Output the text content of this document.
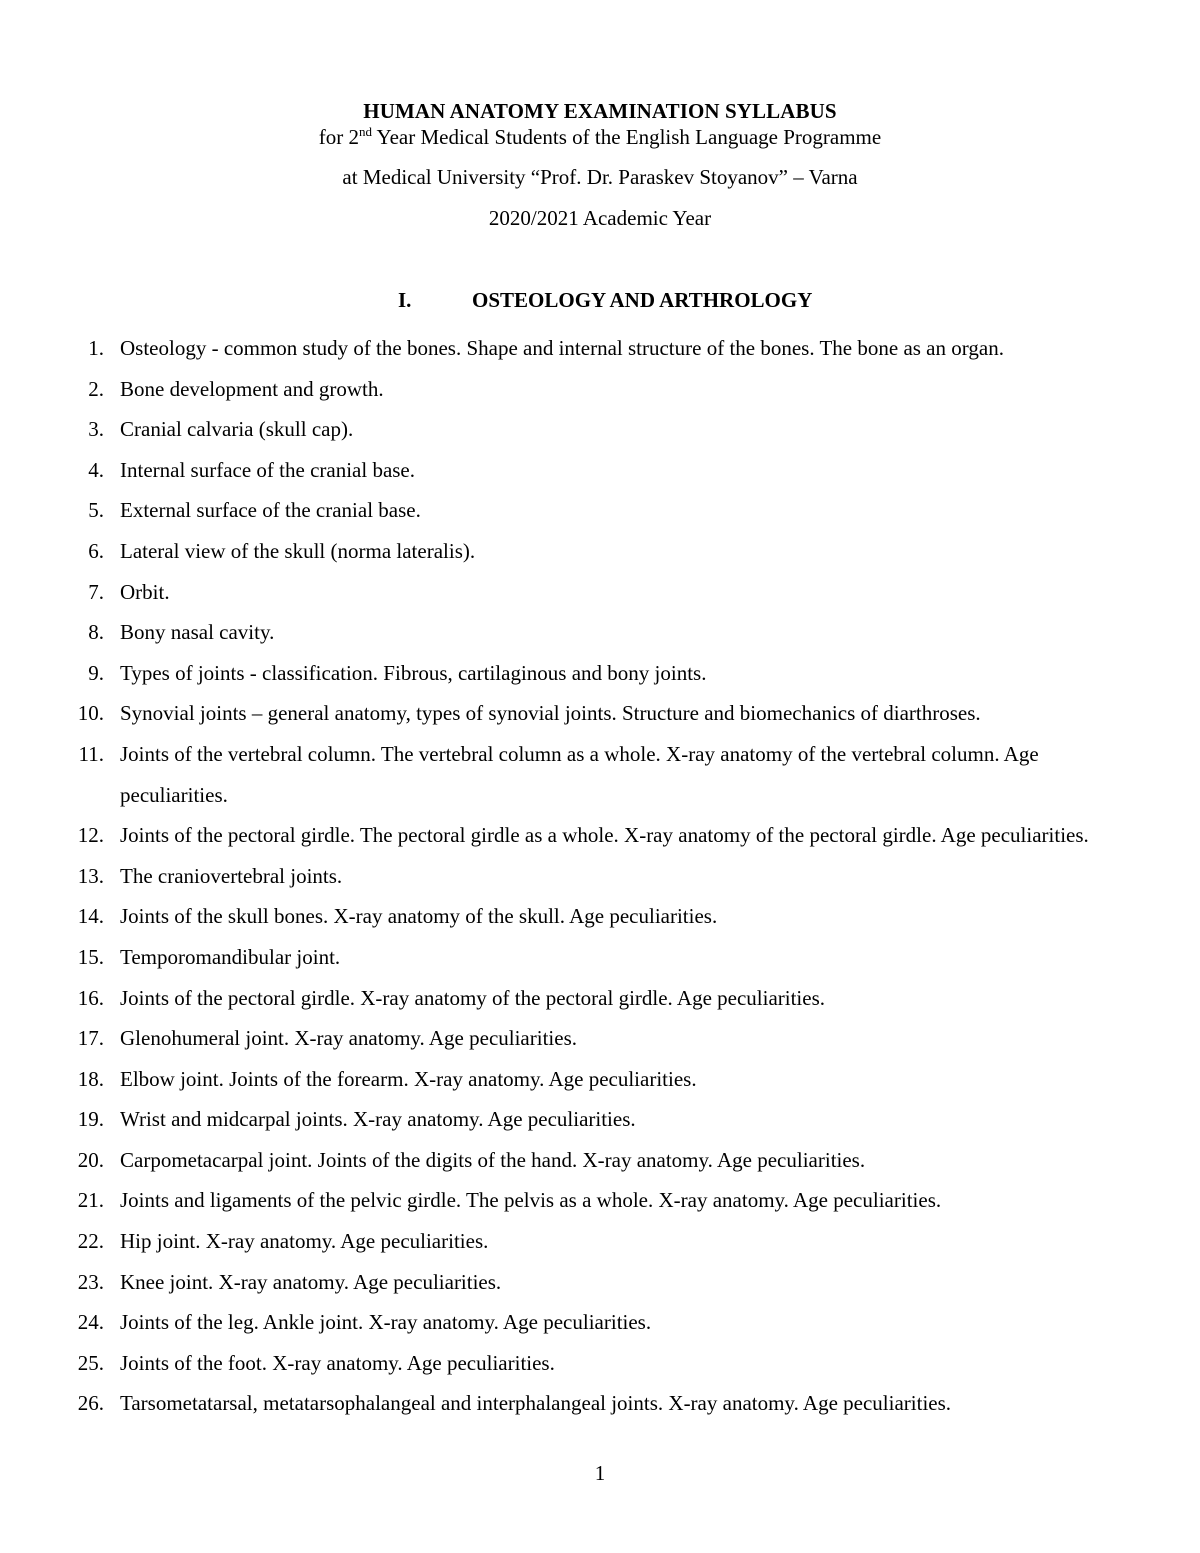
HUMAN ANATOMY EXAMINATION SYLLABUS

for 2nd Year Medical Students of the English Language Programme

at Medical University “Prof. Dr. Paraskev Stoyanov” – Varna

2020/2021 Academic Year

I.	OSTEOLOGY AND ARTHROLOGY
1. Osteology - common study of the bones. Shape and internal structure of the bones. The bone as an organ.
2. Bone development and growth.
3. Cranial calvaria (skull cap).
4. Internal surface of the cranial base.
5. External surface of the cranial base.
6. Lateral view of the skull (norma lateralis).
7. Orbit.
8. Bony nasal cavity.
9. Types of joints - classification. Fibrous, cartilaginous and bony joints.
10. Synovial joints – general anatomy, types of synovial joints. Structure and biomechanics of diarthroses.
11. Joints of the vertebral column. The vertebral column as a whole. X-ray anatomy of the vertebral column. Age peculiarities.
12. Joints of the pectoral girdle. The pectoral girdle as a whole. X-ray anatomy of the pectoral girdle. Age peculiarities.
13. The craniovertebral joints.
14. Joints of the skull bones. X-ray anatomy of the skull. Age peculiarities.
15. Temporomandibular joint.
16. Joints of the pectoral girdle. X-ray anatomy of the pectoral girdle. Age peculiarities.
17. Glenohumeral joint. X-ray anatomy. Age peculiarities.
18. Elbow joint. Joints of the forearm. X-ray anatomy. Age peculiarities.
19. Wrist and midcarpal joints. X-ray anatomy. Age peculiarities.
20. Carpometacarpal joint. Joints of the digits of the hand. X-ray anatomy. Age peculiarities.
21. Joints and ligaments of the pelvic girdle. The pelvis as a whole. X-ray anatomy. Age peculiarities.
22. Hip joint. X-ray anatomy. Age peculiarities.
23. Knee joint. X-ray anatomy. Age peculiarities.
24. Joints of the leg. Ankle joint. X-ray anatomy. Age peculiarities.
25. Joints of the foot. X-ray anatomy. Age peculiarities.
26. Tarsometatarsal, metatarsophalangeal and interphalangeal joints. X-ray anatomy. Age peculiarities.
1
